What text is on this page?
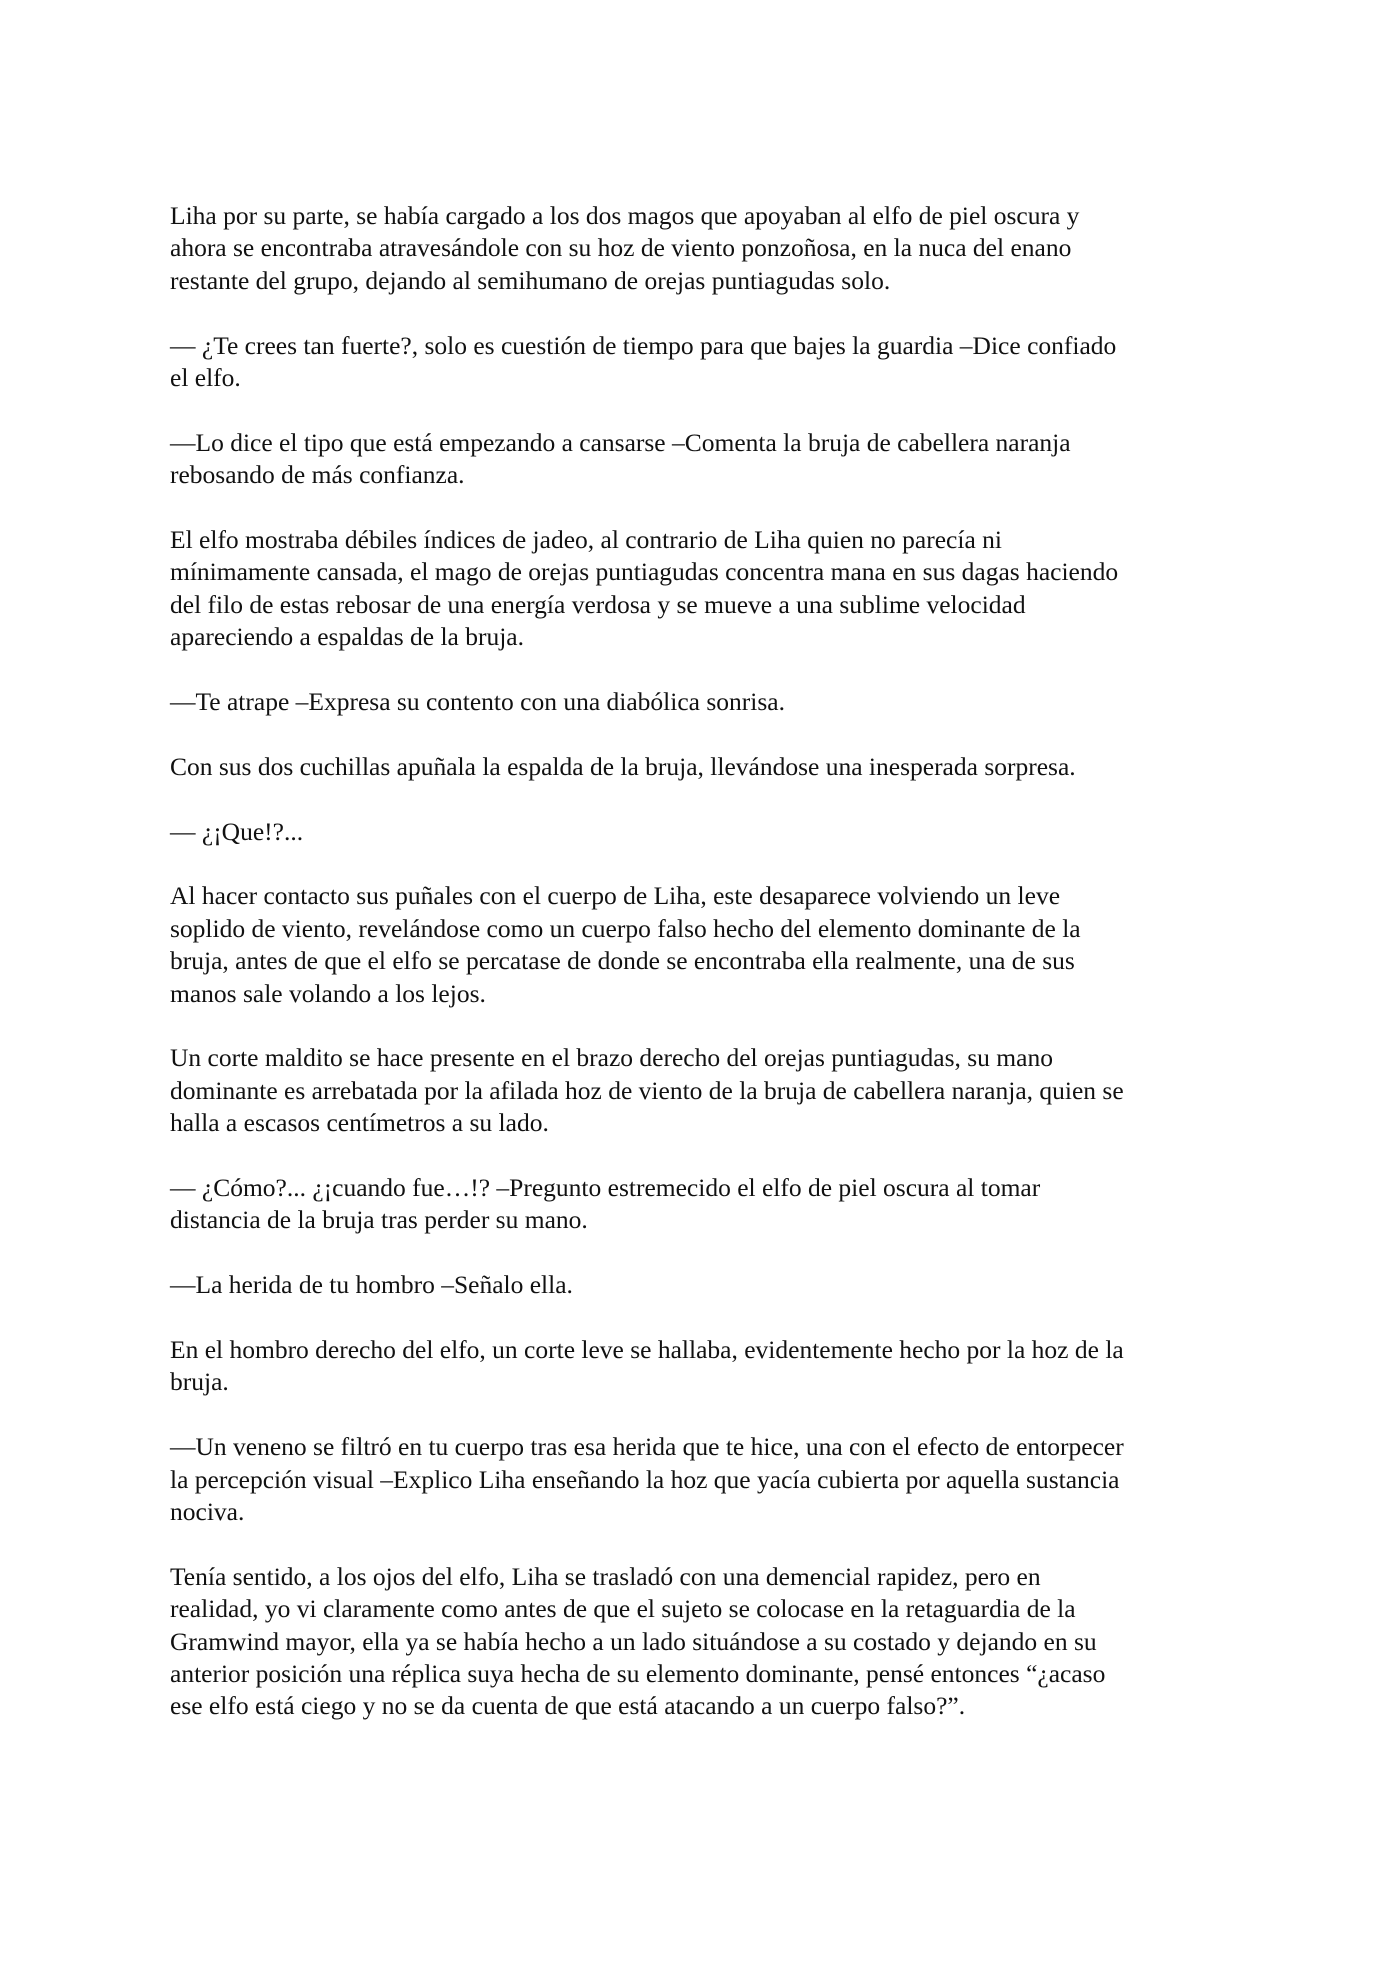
Liha por su parte, se había cargado a los dos magos que apoyaban al elfo de piel oscura y
ahora se encontraba atravesándole con su hoz de viento ponzoñosa, en la nuca del enano
restante del grupo, dejando al semihumano de orejas puntiagudas solo.

— ¿Te crees tan fuerte?, solo es cuestión de tiempo para que bajes la guardia –Dice confiado
el elfo.

—Lo dice el tipo que está empezando a cansarse –Comenta la bruja de cabellera naranja
rebosando de más confianza.

El elfo mostraba débiles índices de jadeo, al contrario de Liha quien no parecía ni
mínimamente cansada, el mago de orejas puntiagudas concentra mana en sus dagas haciendo
del filo de estas rebosar de una energía verdosa y se mueve a una sublime velocidad
apareciendo a espaldas de la bruja.

—Te atrape –Expresa su contento con una diabólica sonrisa.

Con sus dos cuchillas apuñala la espalda de la bruja, llevándose una inesperada sorpresa.

— ¿¡Que!?...

Al hacer contacto sus puñales con el cuerpo de Liha, este desaparece volviendo un leve
soplido de viento, revelándose como un cuerpo falso hecho del elemento dominante de la
bruja, antes de que el elfo se percatase de donde se encontraba ella realmente, una de sus
manos sale volando a los lejos.

Un corte maldito se hace presente en el brazo derecho del orejas puntiagudas, su mano
dominante es arrebatada por la afilada hoz de viento de la bruja de cabellera naranja, quien se
halla a escasos centímetros a su lado.

— ¿Cómo?... ¿¡cuando fue…!? –Pregunto estremecido el elfo de piel oscura al tomar
distancia de la bruja tras perder su mano.

—La herida de tu hombro –Señalo ella.

En el hombro derecho del elfo, un corte leve se hallaba, evidentemente hecho por la hoz de la
bruja.

—Un veneno se filtró en tu cuerpo tras esa herida que te hice, una con el efecto de entorpecer
la percepción visual –Explico Liha enseñando la hoz que yacía cubierta por aquella sustancia
nociva.

Tenía sentido, a los ojos del elfo, Liha se trasladó con una demencial rapidez, pero en
realidad, yo vi claramente como antes de que el sujeto se colocase en la retaguardia de la
Gramwind mayor, ella ya se había hecho a un lado situándose a su costado y dejando en su
anterior posición una réplica suya hecha de su elemento dominante, pensé entonces “¿acaso
ese elfo está ciego y no se da cuenta de que está atacando a un cuerpo falso?”.
